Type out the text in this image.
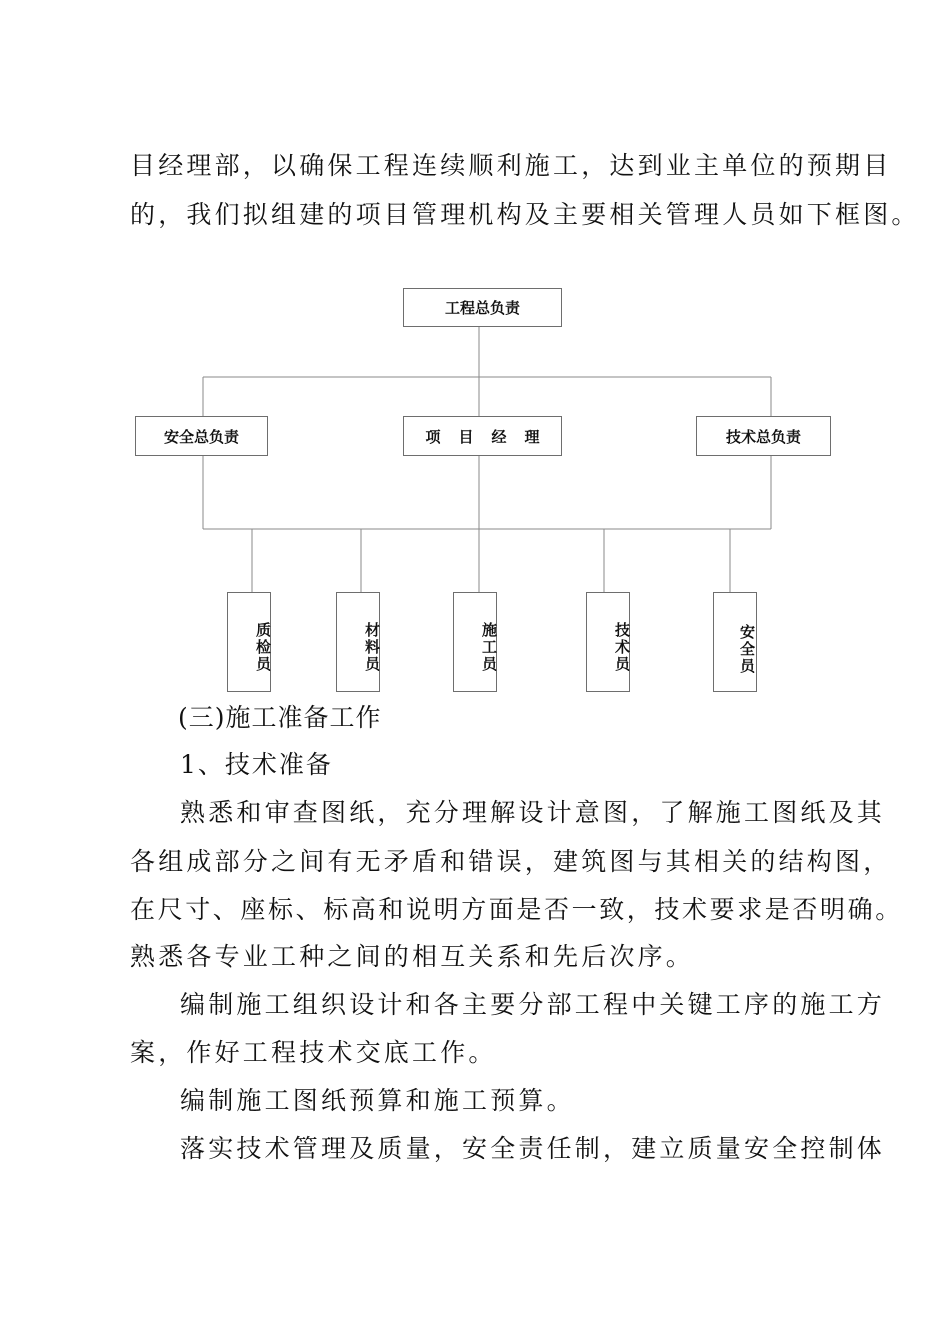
目经理部，以确保工程连续顺利施工，达到业主单位的预期目
的，我们拟组建的项目管理机构及主要相关管理人员如下框图。
工程总负责
安全总负责	项目经理	技术总负责
质检员	材料员	施工员	技术员	安全员
(三)施工准备工作
1、技术准备
熟悉和审查图纸，充分理解设计意图，了解施工图纸及其
各组成部分之间有无矛盾和错误，建筑图与其相关的结构图，
在尺寸、座标、标高和说明方面是否一致，技术要求是否明确。
熟悉各专业工种之间的相互关系和先后次序。
编制施工组织设计和各主要分部工程中关键工序的施工方
案，作好工程技术交底工作。
编制施工图纸预算和施工预算。
落实技术管理及质量，安全责任制，建立质量安全控制体
